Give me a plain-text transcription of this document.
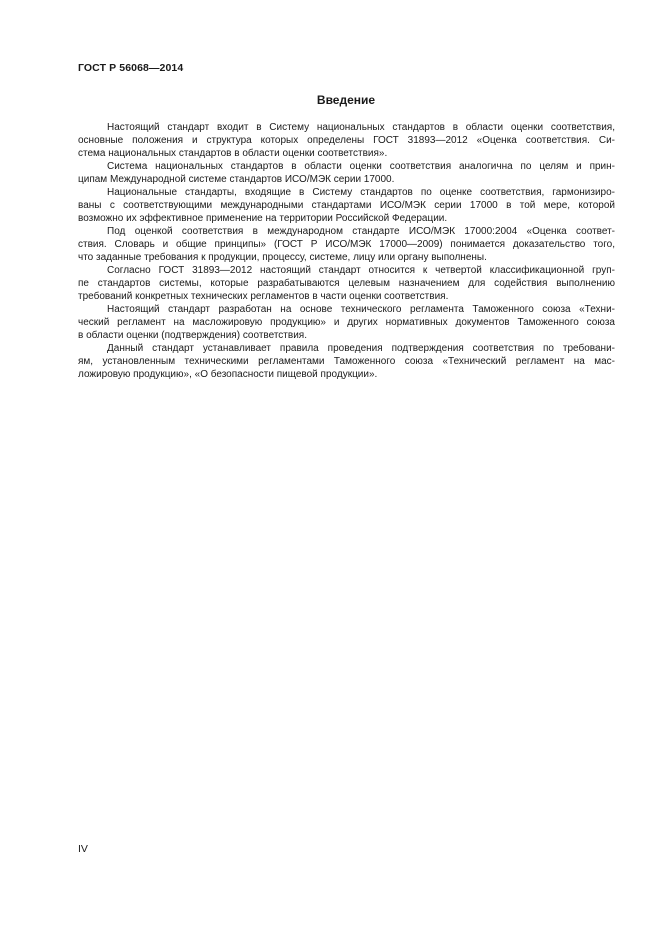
ГОСТ Р 56068—2014
Введение

Настоящий стандарт входит в Систему национальных стандартов в области оценки соответствия,
основные положения и структура которых определены ГОСТ 31893—2012 «Оценка соответствия. Си-
стема национальных стандартов в области оценки соответствия».

Система национальных стандартов в области оценки соответствия аналогична по целям и прин-
ципам Международной системе стандартов ИСО/МЭК серии 17000.

Национальные стандарты, входящие в Систему стандартов по оценке соответствия, гармонизиро-
ваны с соответствующими международными стандартами ИСО/МЭК серии 17000 в той мере, которой
возможно их эффективное применение на территории Российской Федерации.

Под оценкой соответствия в международном стандарте ИСО/МЭК 17000:2004 «Оценка соответ-
ствия. Словарь и общие принципы» (ГОСТ Р ИСО/МЭК 17000—2009) понимается доказательство того,
что заданные требования к продукции, процессу, системе, лицу или органу выполнены.

Согласно ГОСТ 31893—2012 настоящий стандарт относится к четвертой классификационной груп-
пе стандартов системы, которые разрабатываются целевым назначением для содействия выполнению
требований конкретных технических регламентов в части оценки соответствия.

Настоящий стандарт разработан на основе технического регламента Таможенного союза «Техни-
ческий регламент на масложировую продукцию» и других нормативных документов Таможенного союза
в области оценки (подтверждения) соответствия.

Данный стандарт устанавливает правила проведения подтверждения соответствия по требовани-
ям, установленным техническими регламентами Таможенного союза «Технический регламент на мас-
ложировую продукцию», «О безопасности пищевой продукции».

IV
